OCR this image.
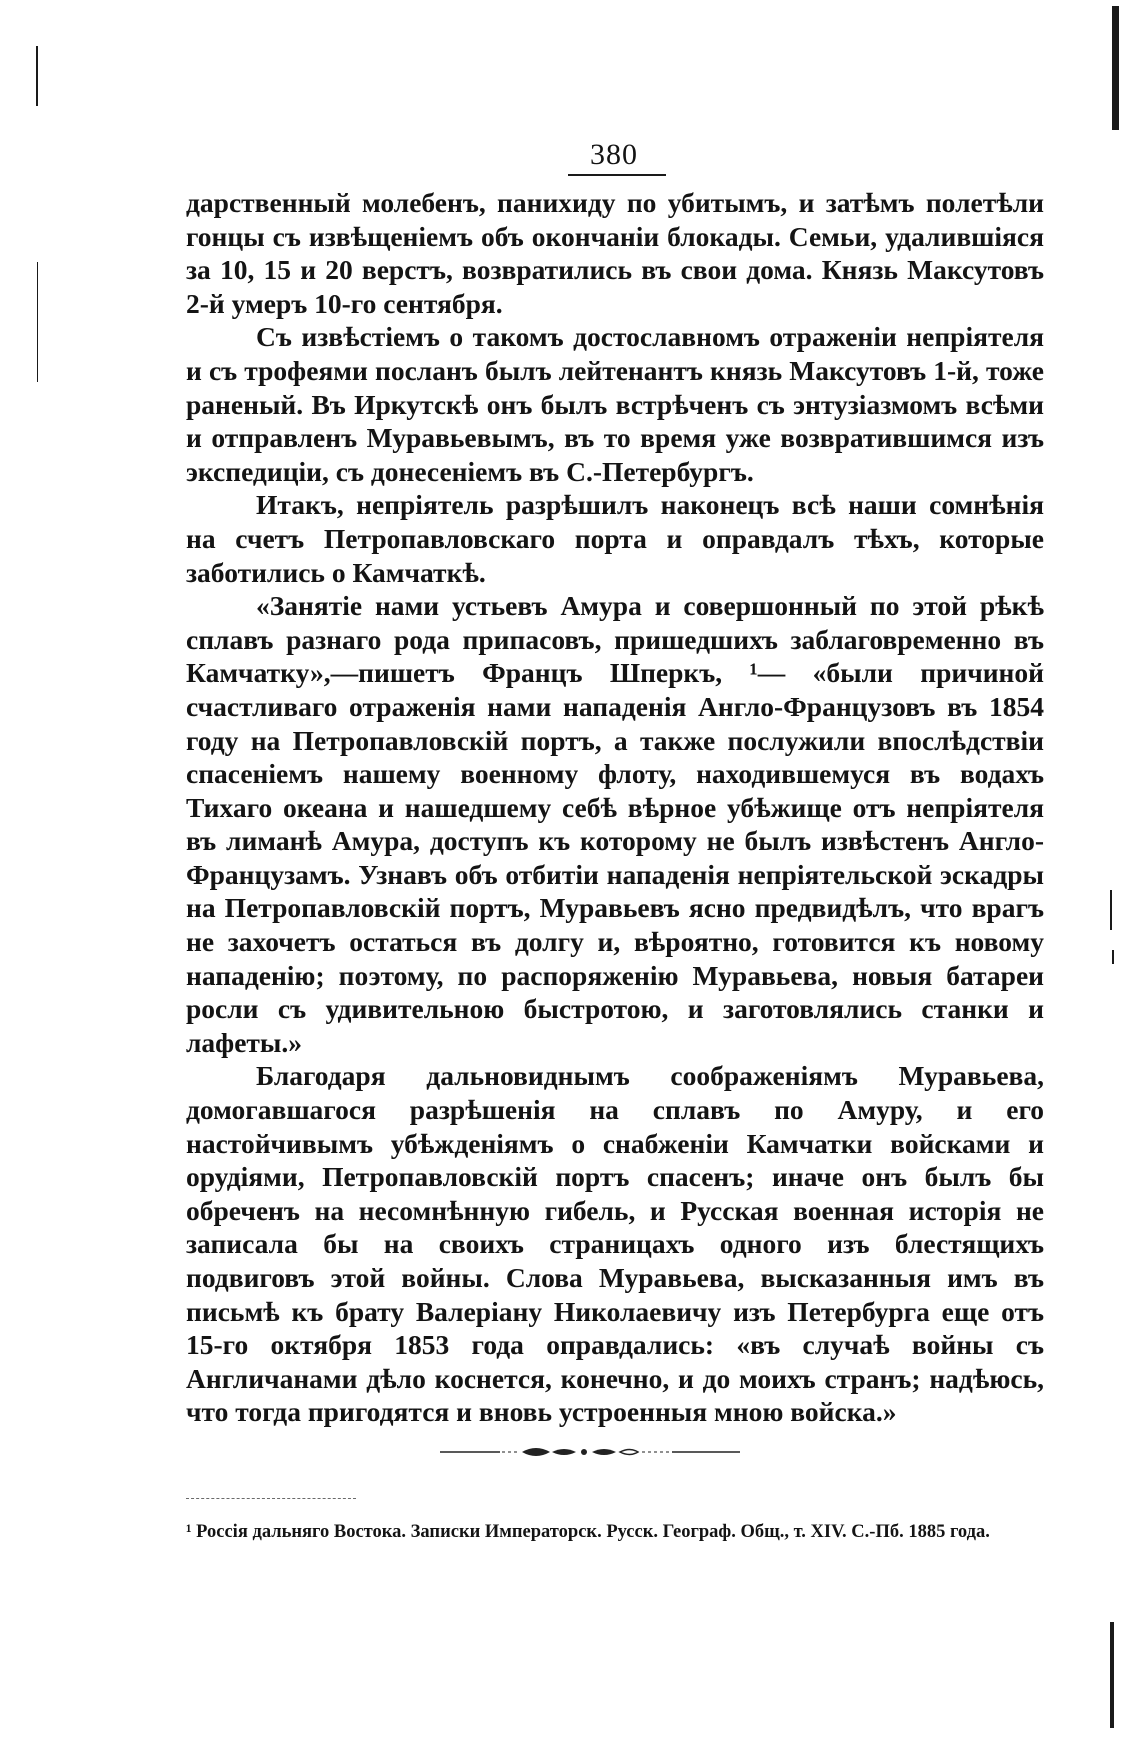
380

дарственный молебенъ, панихиду по убитымъ, и затѣмъ полетѣли гонцы съ извѣщеніемъ объ окончаніи блокады. Семьи, удалившіяся за 10, 15 и 20 верстъ, возвратились въ свои дома. Князь Максутовъ 2-й умеръ 10-го сентября.

Съ извѣстіемъ о такомъ достославномъ отраженіи непріятеля и съ трофеями посланъ былъ лейтенантъ князь Максутовъ 1-й, тоже раненый. Въ Иркутскѣ онъ былъ встрѣченъ съ энтузіазмомъ всѣми и отправленъ Муравьевымъ, въ то время уже возвратившимся изъ экспедиціи, съ донесеніемъ въ С.-Петербургъ.

Итакъ, непріятель разрѣшилъ наконецъ всѣ наши сомнѣнія на счетъ Петропавловскаго порта и оправдалъ тѣхъ, которые заботились о Камчаткѣ.

«Занятіе нами устьевъ Амура и совершонный по этой рѣкѣ сплавъ разнаго рода припасовъ, пришедшихъ заблаговременно въ Камчатку»,—пишетъ Францъ Шперкъ, ¹— «были причиной счастливаго отраженія нами нападенія Англо-Французовъ въ 1854 году на Петропавловскій портъ, а также послужили впослѣдствіи спасеніемъ нашему военному флоту, находившемуся въ водахъ Тихаго океана и нашедшему себѣ вѣрное убѣжище отъ непріятеля въ лиманѣ Амура, доступъ къ которому не былъ извѣстенъ Англо-Французамъ. Узнавъ объ отбитіи нападенія непріятельской эскадры на Петропавловскій портъ, Муравьевъ ясно предвидѣлъ, что врагъ не захочетъ остаться въ долгу и, вѣроятно, готовится къ новому нападенію; поэтому, по распоряженію Муравьева, новыя батареи росли съ удивительною быстротою, и заготовлялись станки и лафеты.»

Благодаря дальновиднымъ соображеніямъ Муравьева, домогавшагося разрѣшенія на сплавъ по Амуру, и его настойчивымъ убѣжденіямъ о снабженіи Камчатки войсками и орудіями, Петропавловскій портъ спасенъ; иначе онъ былъ бы обреченъ на несомнѣнную гибель, и Русская военная исторія не записала бы на своихъ страницахъ одного изъ блестящихъ подвиговъ этой войны. Слова Муравьева, высказанныя имъ въ письмѣ къ брату Валеріану Николаевичу изъ Петербурга еще отъ 15-го октября 1853 года оправдались: «въ случаѣ войны съ Англичанами дѣло коснется, конечно, и до моихъ странъ; надѣюсь, что тогда пригодятся и вновь устроенныя мною войска.»

¹ Россія дальняго Востока. Записки Императорск. Русск. Географ. Общ., т. XIV. С.-Пб. 1885 года.
